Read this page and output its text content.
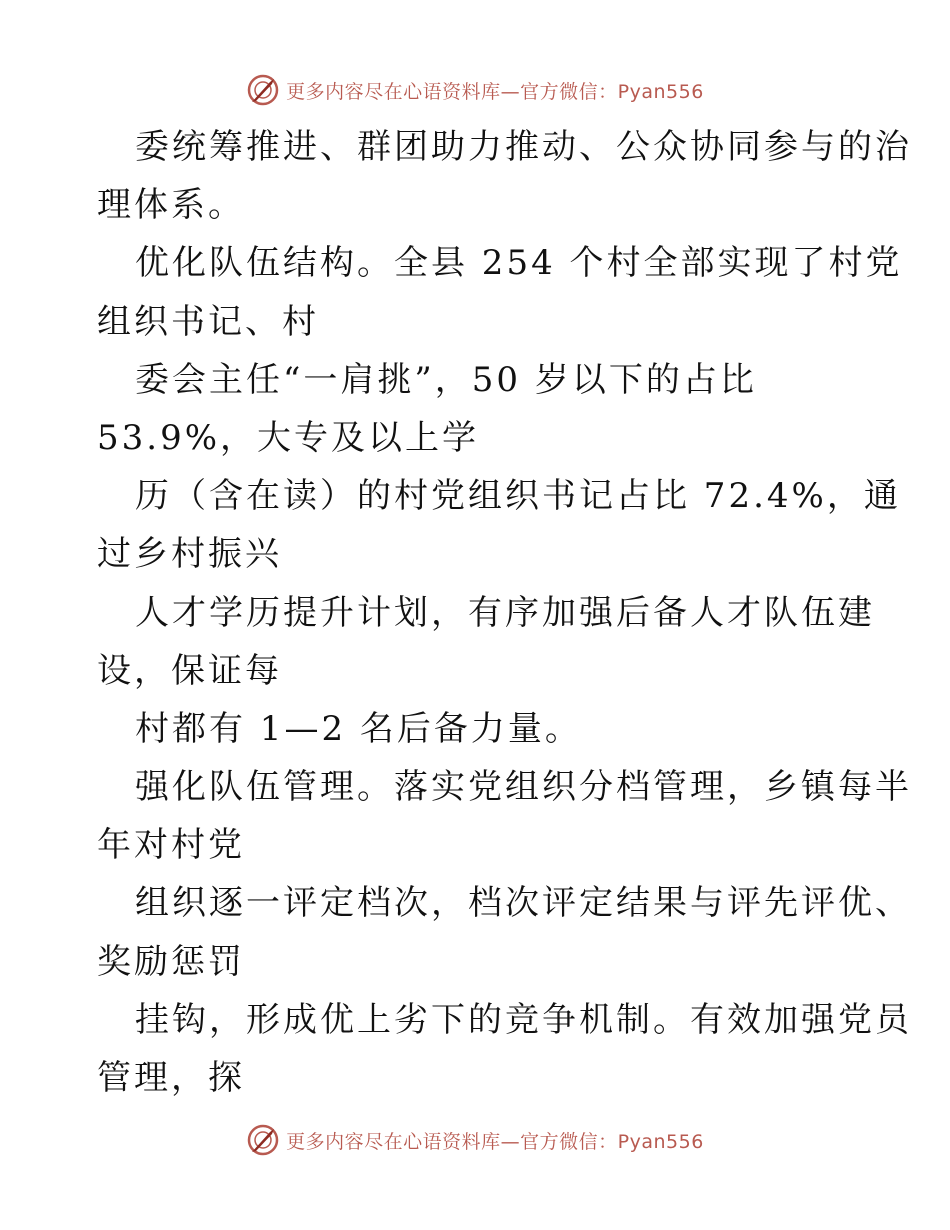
更多内容尽在心语资料库—官方微信：Pyan556
委统筹推进、群团助力推动、公众协同参与的治
理体系。
优化队伍结构。全县 254 个村全部实现了村党
组织书记、村
委会主任“一肩挑”，50 岁以下的占比
53.9%，大专及以上学
历（含在读）的村党组织书记占比 72.4%，通
过乡村振兴
人才学历提升计划，有序加强后备人才队伍建
设，保证每
村都有 1—2 名后备力量。
强化队伍管理。落实党组织分档管理，乡镇每半
年对村党
组织逐一评定档次，档次评定结果与评先评优、
奖励惩罚
挂钩，形成优上劣下的竞争机制。有效加强党员
管理，探
更多内容尽在心语资料库—官方微信：Pyan556
